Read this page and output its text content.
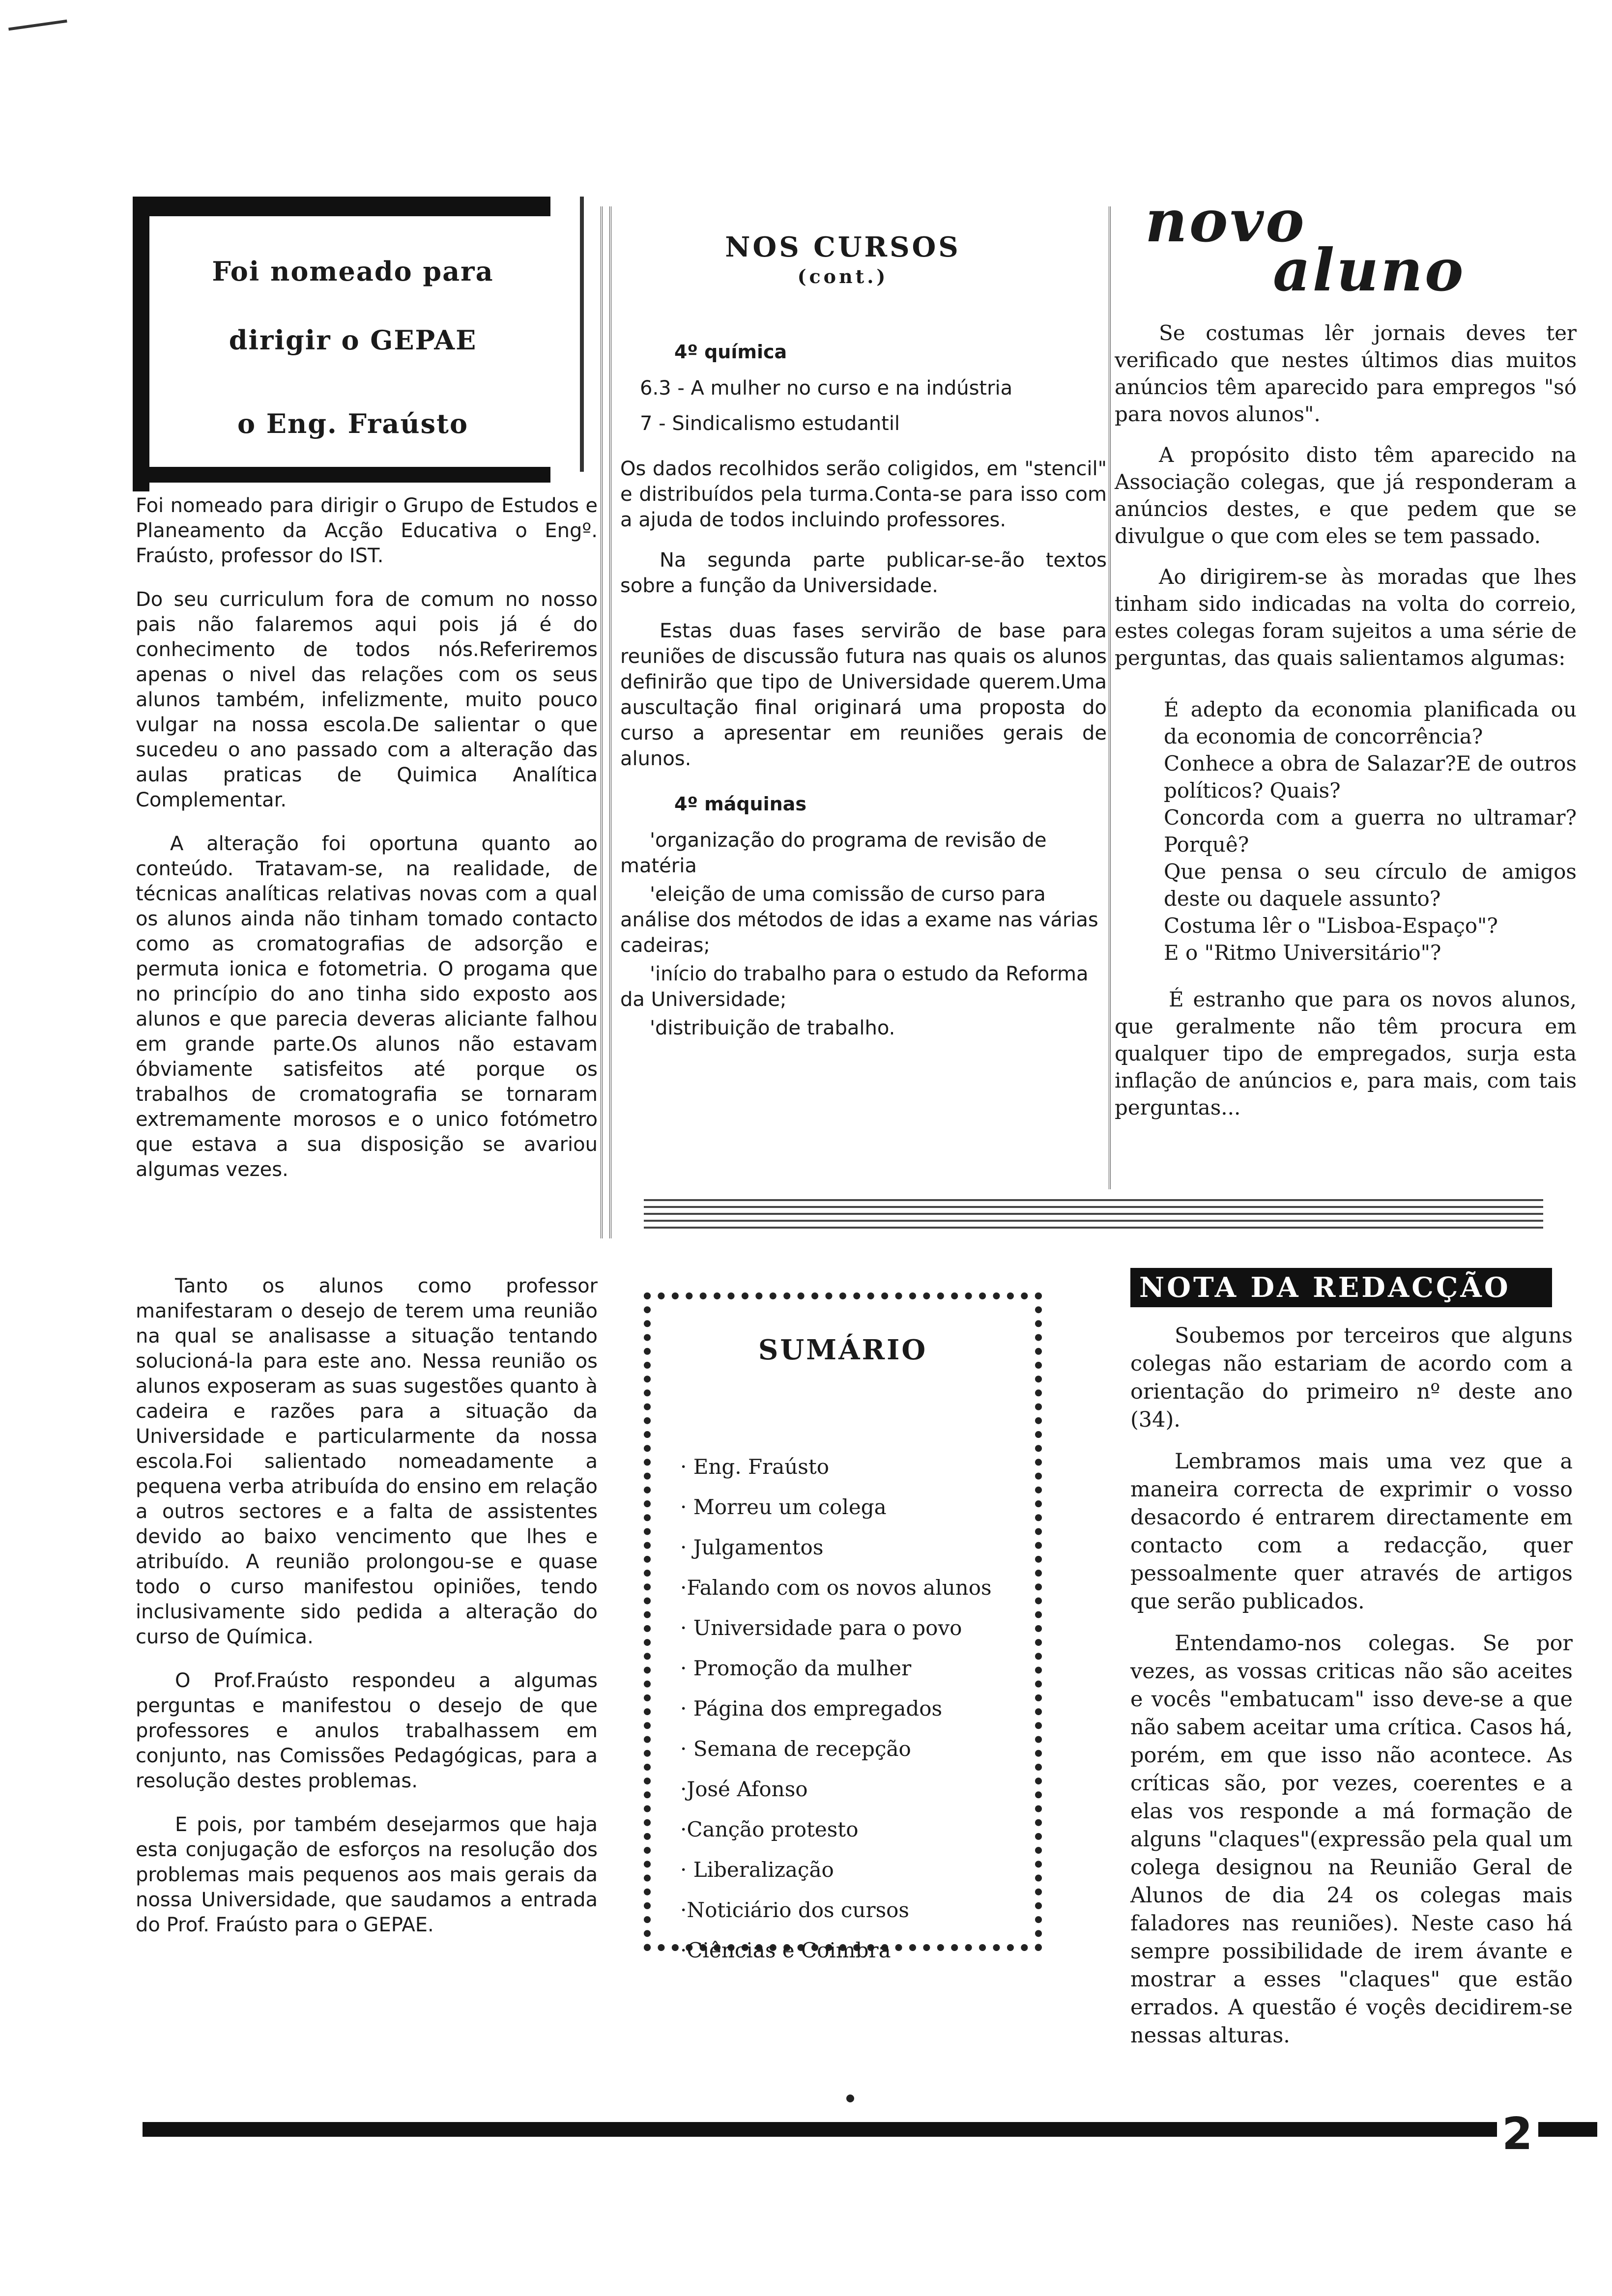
Foi nomeado para
dirigir o GEPAE
o Eng. Fraústo

Foi nomeado para dirigir o Grupo de Estudos e Planeamento da Acção Educativa o Engº. Fraústo, professor do IST.

Do seu curriculum fora de comum no nosso pais não falaremos aqui pois já é do conhecimento de todos nós.Referiremos apenas o nivel das relações com os seus alunos também, infelizmente, muito pouco vulgar na nossa escola.De salientar o que sucedeu o ano passado com a alteração das aulas praticas de Quimica Analítica Complementar.

A alteração foi oportuna quanto ao conteúdo. Tratavam-se, na realidade, de técnicas analíticas relativas novas com a qual os alunos ainda não tinham tomado contacto como as cromatografias de adsorção e permuta ionica e fotometria. O progama que no princípio do ano tinha sido exposto aos alunos e que parecia deveras aliciante falhou em grande parte.Os alunos não estavam óbviamente satisfeitos até porque os trabalhos de cromatografia se tornaram extremamente morosos e o unico fotómetro que estava a sua disposição se avariou algumas vezes.

Tanto os alunos como professor manifestaram o desejo de terem uma reunião na qual se analisasse a situação tentando solucioná-la para este ano. Nessa reunião os alunos exposeram as suas sugestões quanto à cadeira e razões para a situação da Universidade e particularmente da nossa escola.Foi salientado nomeadamente a pequena verba atribuída do ensino em relação a outros sectores e a falta de assistentes devido ao baixo vencimento que lhes e atribuído. A reunião prolongou-se e quase todo o curso manifestou opiniões, tendo inclusivamente sido pedida a alteração do curso de Química.

O Prof.Fraústo respondeu a algumas perguntas e manifestou o desejo de que professores e anulos trabalhassem em conjunto, nas Comissões Pedagógicas, para a resolução destes problemas.

E pois, por também desejarmos que haja esta conjugação de esforços na resolução dos problemas mais pequenos aos mais gerais da nossa Universidade, que saudamos a entrada do Prof. Fraústo para o GEPAE.

NOS CURSOS
(cont.)
4º química
6.3 - A mulher no curso e na indústria
7 - Sindicalismo estudantil

Os dados recolhidos serão coligidos, em "stencil" e distribuídos pela turma.Conta-se para isso com a ajuda de todos incluindo professores.

Na segunda parte publicar-se-ão textos sobre a função da Universidade.

Estas duas fases servirão de base para reuniões de discussão futura nas quais os alunos definirão que tipo de Universidade querem.Uma auscultação final originará uma proposta do curso a apresentar em reuniões gerais de alunos.

4º máquinas
'organização do programa de revisão de matéria
'eleição de uma comissão de curso para análise dos métodos de idas a exame nas várias cadeiras;
'início do trabalho para o estudo da Reforma da Universidade;
'distribuição de trabalho.
novo
aluno

Se costumas lêr jornais deves ter verificado que nestes últimos dias muitos anúncios têm aparecido para empregos "só para novos alunos".

A propósito disto têm aparecido na Associação colegas, que já responderam a anúncios destes, e que pedem que se divulgue o que com eles se tem passado.

Ao dirigirem-se às moradas que lhes tinham sido indicadas na volta do correio, estes colegas foram sujeitos a uma série de perguntas, das quais salientamos algumas:

É adepto da economia planificada ou da economia de concorrência?

Conhece a obra de Salazar?E de outros políticos? Quais?

Concorda com a guerra no ultramar? Porquê?

Que pensa o seu círculo de amigos deste ou daquele assunto?

Costuma lêr o "Lisboa-Espaço"?

E o "Ritmo Universitário"?

É estranho que para os novos alunos, que geralmente não têm procura em qualquer tipo de empregados, surja esta inflação de anúncios e, para mais, com tais perguntas...

SUMÁRIO
· Eng. Fraústo
· Morreu um colega
· Julgamentos
·Falando com os novos alunos
· Universidade para o povo
· Promoção da mulher
· Página dos empregados
· Semana de recepção
·José Afonso
·Canção protesto
· Liberalização
·Noticiário dos cursos
·Ciências e Coimbra
NOTA DA REDACÇÃO

Soubemos por terceiros que alguns colegas não estariam de acordo com a orientação do primeiro nº deste ano (34).

Lembramos mais uma vez que a maneira correcta de exprimir o vosso desacordo é entrarem directamente em contacto com a redacção, quer pessoalmente quer através de artigos que serão publicados.

Entendamo-nos colegas. Se por vezes, as vossas criticas não são aceites e vocês "embatucam" isso deve-se a que não sabem aceitar uma crítica. Casos há, porém, em que isso não acontece. As críticas são, por vezes, coerentes e a elas vos responde a má formação de alguns "claques"(expressão pela qual um colega designou na Reunião Geral de Alunos de dia 24 os colegas mais faladores nas reuniões). Neste caso há sempre possibilidade de irem ávante e mostrar a esses "claques" que estão errados. A questão é voçês decidirem-se nessas alturas.

2
